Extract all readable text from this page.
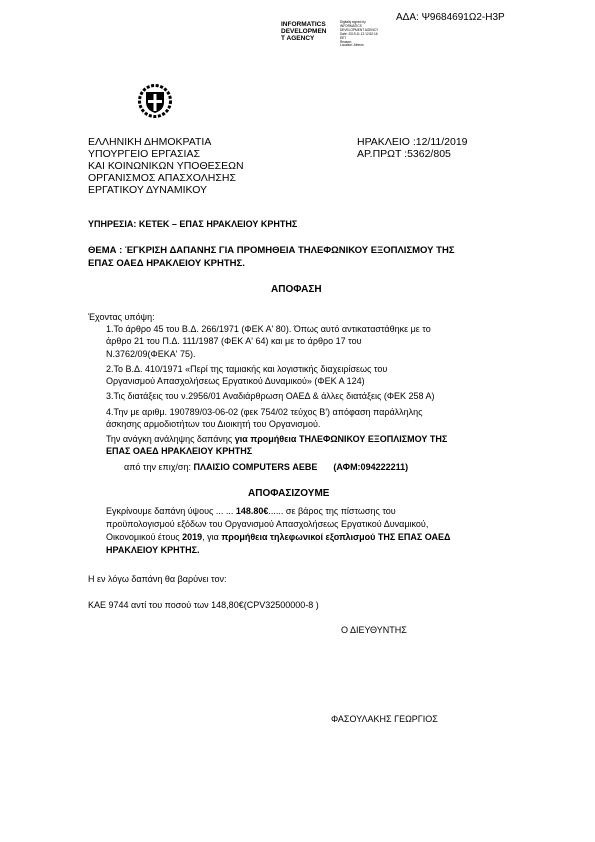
ΑΔΑ: Ψ9684691Ω2-Η3Ρ
INFORMATICS
DEVELOPMEN
T AGENCY
Digitally signed by
INFORMATICS
DEVELOPMENT AGENCY
Date: 2019.11.13 12:52:16
EET
Reason:
Location: Athens
ΕΛΛΗΝΙΚΗ ΔΗΜΟΚΡΑΤΙΑ
ΥΠΟΥΡΓΕΙΟ ΕΡΓΑΣΙΑΣ
ΚΑΙ ΚΟΙΝΩΝΙΚΩΝ ΥΠΟΘΕΣΕΩΝ
ΟΡΓΑΝΙΣΜΟΣ ΑΠΑΣΧΟΛΗΣΗΣ
ΕΡΓΑΤΙΚΟΥ ΔΥΝΑΜΙΚΟΥ
ΗΡΑΚΛΕΙΟ :12/11/2019
ΑΡ.ΠΡΩΤ :5362/805
ΥΠΗΡΕΣΙΑ: ΚΕΤΕΚ – ΕΠΑΣ ΗΡΑΚΛΕΙΟΥ ΚΡΗΤΗΣ
ΘΕΜΑ : ΈΓΚΡΙΣΗ ΔΑΠΑΝΗΣ ΓΙΑ ΠΡΟΜΗΘΕΙΑ ΤΗΛΕΦΩΝΙΚΟΥ ΕΞΟΠΛΙΣΜΟΥ ΤΗΣ
ΕΠΑΣ ΟΑΕΔ ΗΡΑΚΛΕΙΟΥ ΚΡΗΤΗΣ.
ΑΠΟΦΑΣΗ
Έχοντας υπόψη:
1.Το άρθρο 45 του Β.Δ. 266/1971 (ΦΕΚ Α' 80). Όπως αυτό αντικαταστάθηκε με το
άρθρο 21 του Π.Δ. 111/1987 (ΦΕΚ Α' 64) και με το άρθρο 17 του
Ν.3762/09(ΦΕΚΑ' 75).
2.Το Β.Δ. 410/1971 «Περί της ταμιακής και λογιστικής διαχειρίσεως του
Οργανισμού Απασχολήσεως Εργατικού Δυναμικού» (ΦΕΚ Α 124)
3.Τις διατάξεις του ν.2956/01 Αναδιάρθρωση ΟΑΕΔ & άλλες διατάξεις (ΦΕΚ 258 Α)
4.Την με αριθμ. 190789/03-06-02 (φεκ 754/02 τεύχος Β') απόφαση παράλληλης
άσκησης αρμοδιοτήτων του Διοικητή του Οργανισμού.
Την ανάγκη ανάληψης δαπάνης για προμήθεια ΤΗΛΕΦΩΝΙΚΟΥ ΕΞΟΠΛΙΣΜΟΥ ΤΗΣ
ΕΠΑΣ ΟΑΕΔ ΗΡΑΚΛΕΙΟΥ ΚΡΗΤΗΣ
από την επιχ/ση: ΠΛΑΙΣΙΟ COMPUTERS ΑΕΒΕ (ΑΦΜ:094222211)
ΑΠΟΦΑΣΙΖΟΥΜΕ
Εγκρίνουμε δαπάνη ύψους ... ... 148.80€...... σε βάρος της πίστωσης του
προϋπολογισμού εξόδων του Οργανισμού Απασχολήσεως Εργατικού Δυναμικού,
Οικονομικού έτους 2019, για προμήθεια τηλεφωνικοί εξοπλισμού ΤΗΣ ΕΠΑΣ ΟΑΕΔ
ΗΡΑΚΛΕΙΟΥ ΚΡΗΤΗΣ.
Η εν λόγω δαπάνη θα βαρύνει τον:
ΚΑΕ 9744 αντί του ποσού των 148,80€(CPV32500000-8 )
Ο ΔΙΕΥΘΥΝΤΗΣ
ΦΑΣΟΥΛΑΚΗΣ ΓΕΩΡΓΙΟΣ
